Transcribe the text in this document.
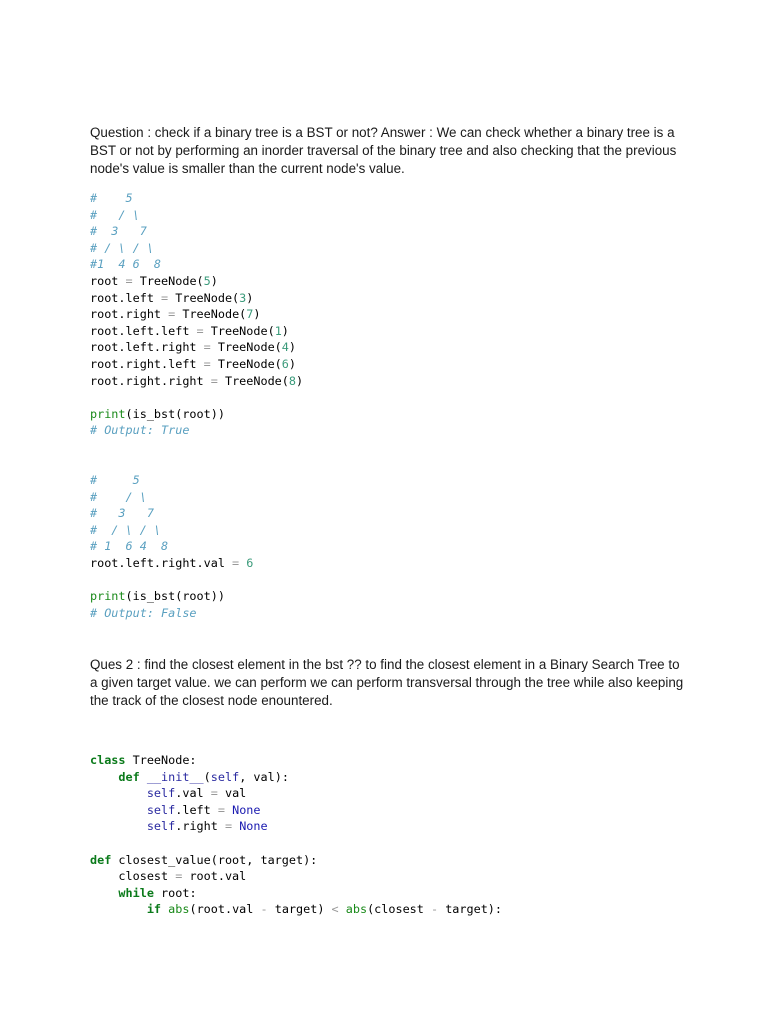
Question : check if a binary tree is a BST or not? Answer : We can check whether a binary tree is a BST or not by performing an inorder traversal of the binary tree and also checking that the previous node's value is smaller than the current node's value.

#    5
#   / \
#  3   7
# / \ / \
#1  4 6  8
root = TreeNode(5)
root.left = TreeNode(3)
root.right = TreeNode(7)
root.left.left = TreeNode(1)
root.left.right = TreeNode(4)
root.right.left = TreeNode(6)
root.right.right = TreeNode(8)
print(is_bst(root))
# Output: True
#     5
#    / \
#   3   7
#  / \ / \
# 1  6 4  8
root.left.right.val = 6
print(is_bst(root))
# Output: False

Ques 2 : find the closest element in the bst ?? to find the closest element in a Binary Search Tree to a given target value. we can perform we can perform transversal through the tree while also keeping the track of the closest node enountered.

class TreeNode:
def __init__(self, val):
self.val = val
self.left = None
self.right = None
def closest_value(root, target):
closest = root.val
while root:
if abs(root.val - target) < abs(closest - target):
